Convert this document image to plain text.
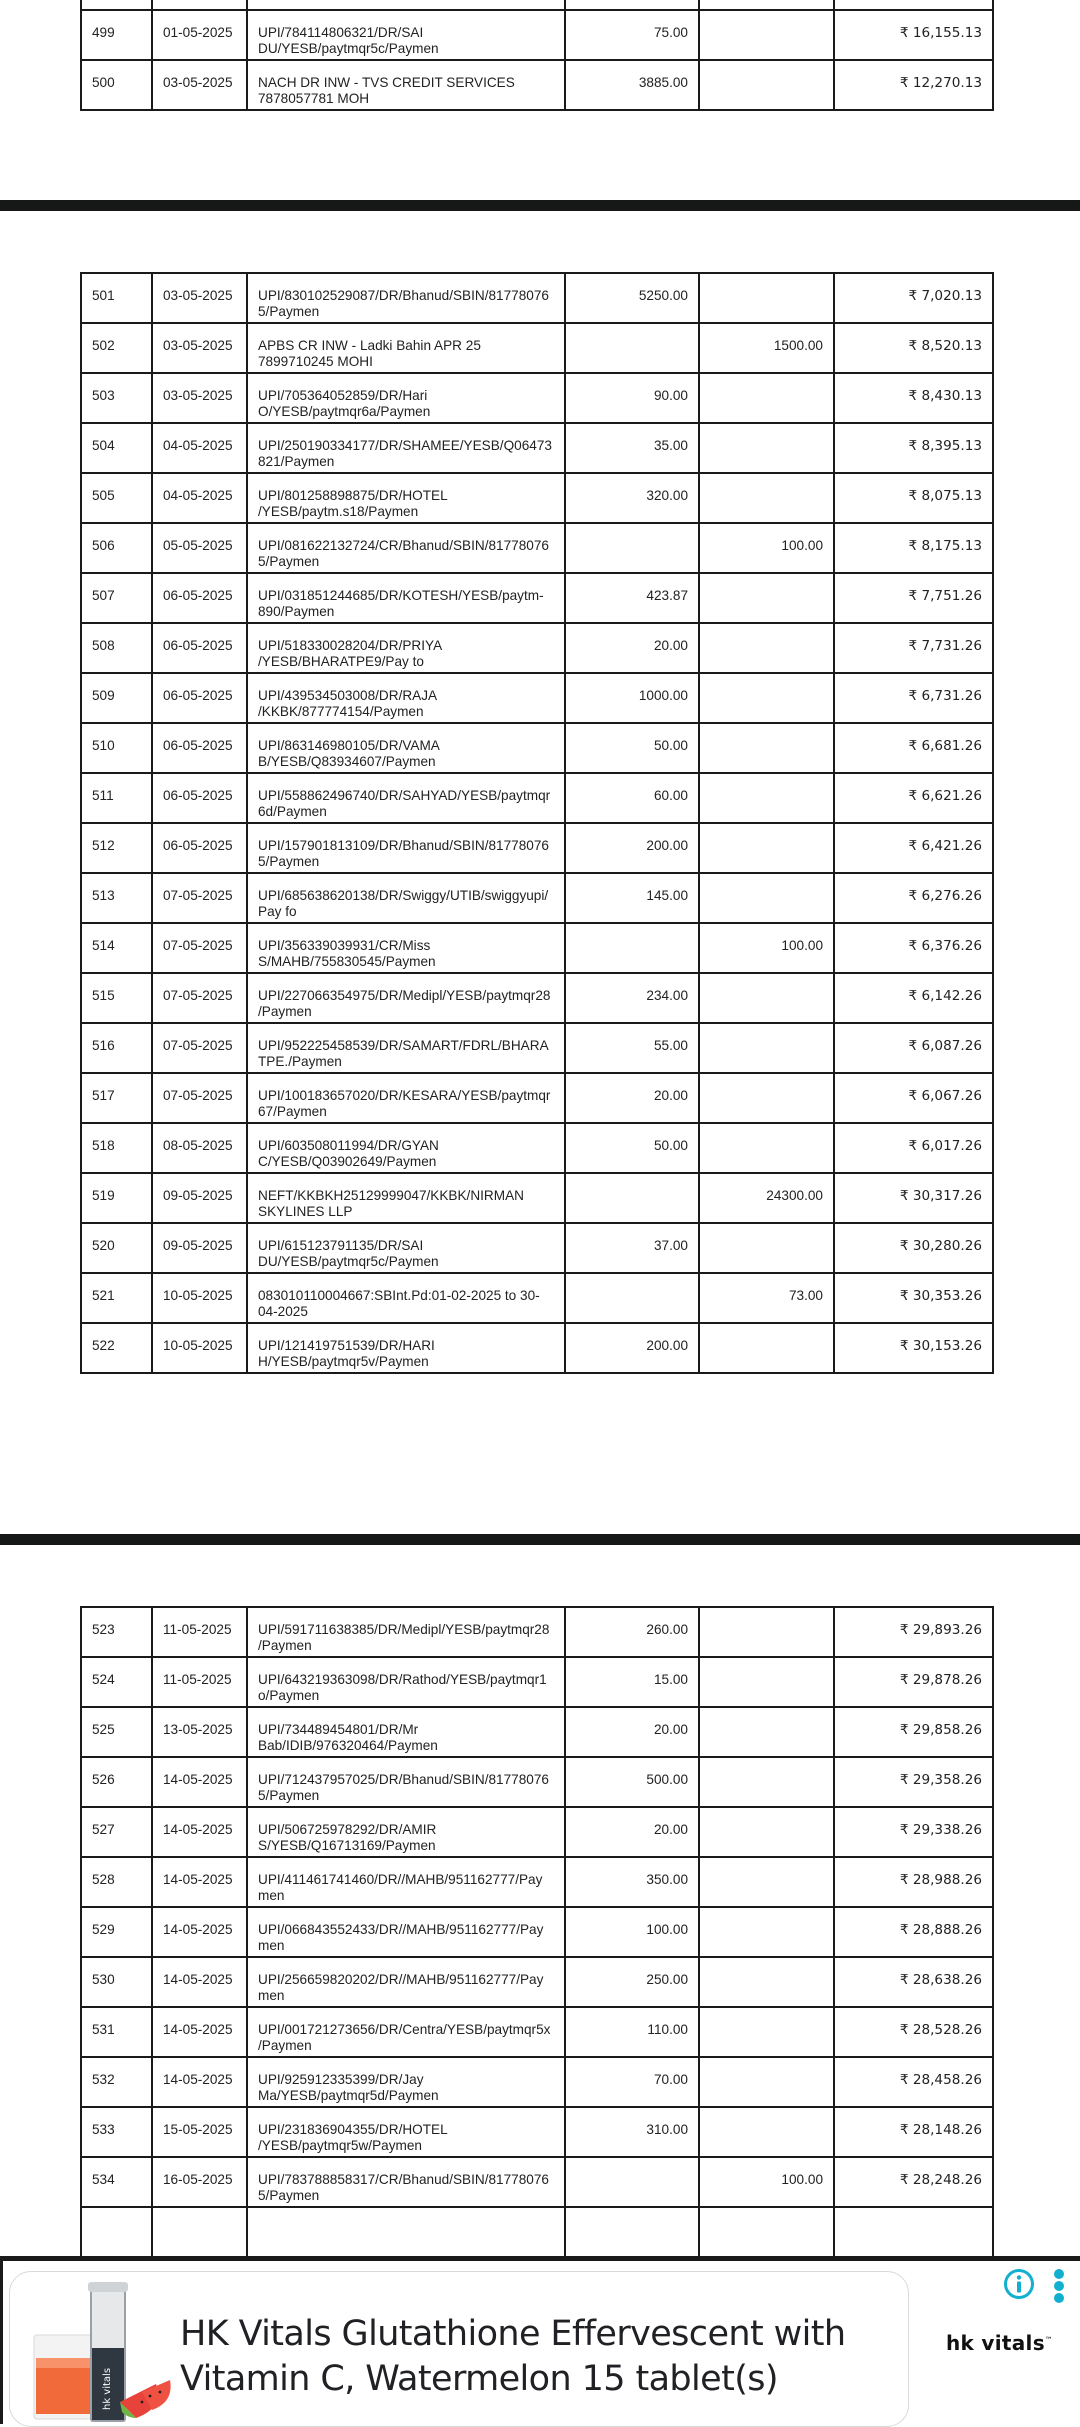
499	01-05-2025	UPI/784114806321/DR/SAI
DU/YESB/paytmqr5c/Paymen	75.00		₹ 16,155.13
500	03-05-2025	NACH DR INW - TVS CREDIT SERVICES
7878057781 MOH	3885.00		₹ 12,270.13
501	03-05-2025	UPI/830102529087/DR/Bhanud/SBIN/81778076
5/Paymen	5250.00		₹ 7,020.13
502	03-05-2025	APBS CR INW - Ladki Bahin APR 25
7899710245 MOHI		1500.00	₹ 8,520.13
503	03-05-2025	UPI/705364052859/DR/Hari
O/YESB/paytmqr6a/Paymen	90.00		₹ 8,430.13
504	04-05-2025	UPI/250190334177/DR/SHAMEE/YESB/Q06473
821/Paymen	35.00		₹ 8,395.13
505	04-05-2025	UPI/801258898875/DR/HOTEL
/YESB/paytm.s18/Paymen	320.00		₹ 8,075.13
506	05-05-2025	UPI/081622132724/CR/Bhanud/SBIN/81778076
5/Paymen		100.00	₹ 8,175.13
507	06-05-2025	UPI/031851244685/DR/KOTESH/YESB/paytm-
890/Paymen	423.87		₹ 7,751.26
508	06-05-2025	UPI/518330028204/DR/PRIYA
/YESB/BHARATPE9/Pay to	20.00		₹ 7,731.26
509	06-05-2025	UPI/439534503008/DR/RAJA
/KKBK/877774154/Paymen	1000.00		₹ 6,731.26
510	06-05-2025	UPI/863146980105/DR/VAMA
B/YESB/Q83934607/Paymen	50.00		₹ 6,681.26
511	06-05-2025	UPI/558862496740/DR/SAHYAD/YESB/paytmqr
6d/Paymen	60.00		₹ 6,621.26
512	06-05-2025	UPI/157901813109/DR/Bhanud/SBIN/81778076
5/Paymen	200.00		₹ 6,421.26
513	07-05-2025	UPI/685638620138/DR/Swiggy/UTIB/swiggyupi/
Pay fo	145.00		₹ 6,276.26
514	07-05-2025	UPI/356339039931/CR/Miss
S/MAHB/755830545/Paymen		100.00	₹ 6,376.26
515	07-05-2025	UPI/227066354975/DR/Medipl/YESB/paytmqr28
/Paymen	234.00		₹ 6,142.26
516	07-05-2025	UPI/952225458539/DR/SAMART/FDRL/BHARA
TPE./Paymen	55.00		₹ 6,087.26
517	07-05-2025	UPI/100183657020/DR/KESARA/YESB/paytmqr
67/Paymen	20.00		₹ 6,067.26
518	08-05-2025	UPI/603508011994/DR/GYAN
C/YESB/Q03902649/Paymen	50.00		₹ 6,017.26
519	09-05-2025	NEFT/KKBKH25129999047/KKBK/NIRMAN
SKYLINES LLP		24300.00	₹ 30,317.26
520	09-05-2025	UPI/615123791135/DR/SAI
DU/YESB/paytmqr5c/Paymen	37.00		₹ 30,280.26
521	10-05-2025	083010110004667:SBInt.Pd:01-02-2025 to 30-
04-2025		73.00	₹ 30,353.26
522	10-05-2025	UPI/121419751539/DR/HARI
H/YESB/paytmqr5v/Paymen	200.00		₹ 30,153.26
523	11-05-2025	UPI/591711638385/DR/Medipl/YESB/paytmqr28
/Paymen	260.00		₹ 29,893.26
524	11-05-2025	UPI/643219363098/DR/Rathod/YESB/paytmqr1
o/Paymen	15.00		₹ 29,878.26
525	13-05-2025	UPI/734489454801/DR/Mr
Bab/IDIB/976320464/Paymen	20.00		₹ 29,858.26
526	14-05-2025	UPI/712437957025/DR/Bhanud/SBIN/81778076
5/Paymen	500.00		₹ 29,358.26
527	14-05-2025	UPI/506725978292/DR/AMIR
S/YESB/Q16713169/Paymen	20.00		₹ 29,338.26
528	14-05-2025	UPI/411461741460/DR//MAHB/951162777/Pay
men	350.00		₹ 28,988.26
529	14-05-2025	UPI/066843552433/DR//MAHB/951162777/Pay
men	100.00		₹ 28,888.26
530	14-05-2025	UPI/256659820202/DR//MAHB/951162777/Pay
men	250.00		₹ 28,638.26
531	14-05-2025	UPI/001721273656/DR/Centra/YESB/paytmqr5x
/Paymen	110.00		₹ 28,528.26
532	14-05-2025	UPI/925912335399/DR/Jay
Ma/YESB/paytmqr5d/Paymen	70.00		₹ 28,458.26
533	15-05-2025	UPI/231836904355/DR/HOTEL
/YESB/paytmqr5w/Paymen	310.00		₹ 28,148.26
534	16-05-2025	UPI/783788858317/CR/Bhanud/SBIN/81778076
5/Paymen		100.00	₹ 28,248.26

hk vitals
HK Vitals Glutathione Effervescent with Vitamin C, Watermelon 15 tablet(s)
hk vitals™
